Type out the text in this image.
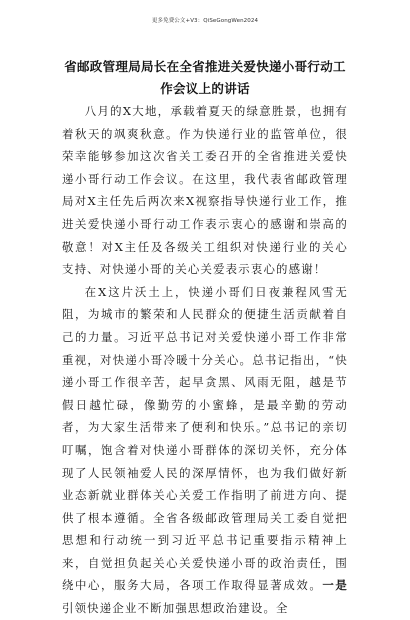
更多免费公文+V3：QiSeGongWen2024
省邮政管理局局长在全省推进关爱快递小哥行动工作会议上的讲话

八月的X大地，承载着夏天的绿意胜景，也拥有着秋天的飒爽秋意。作为快递行业的监管单位，很荣幸能够参加这次省关工委召开的全省推进关爱快递小哥行动工作会议。在这里，我代表省邮政管理局对X主任先后两次来X视察指导快递行业工作，推进关爱快递小哥行动工作表示衷心的感谢和崇高的敬意！对X主任及各级关工组织对快递行业的关心支持、对快递小哥的关心关爱表示衷心的感谢！

在X这片沃土上，快递小哥们日夜兼程风雪无阻，为城市的繁荣和人民群众的便捷生活贡献着自己的力量。习近平总书记对关爱快递小哥工作非常重视，对快递小哥冷暖十分关心。总书记指出，“快递小哥工作很辛苦，起早贪黑、风雨无阻，越是节假日越忙碌，像勤劳的小蜜蜂，是最辛勤的劳动者，为大家生活带来了便利和快乐。”总书记的亲切叮嘱，饱含着对快递小哥群体的深切关怀，充分体现了人民领袖爱人民的深厚情怀，也为我们做好新业态新就业群体关心关爱工作指明了前进方向、提供了根本遵循。全省各级邮政管理局关工委自觉把思想和行动统一到习近平总书记重要指示精神上来，自觉担负起关心关爱快递小哥的政治责任，围绕中心，服务大局，各项工作取得显著成效。一是引领快递企业不断加强思想政治建设。全
